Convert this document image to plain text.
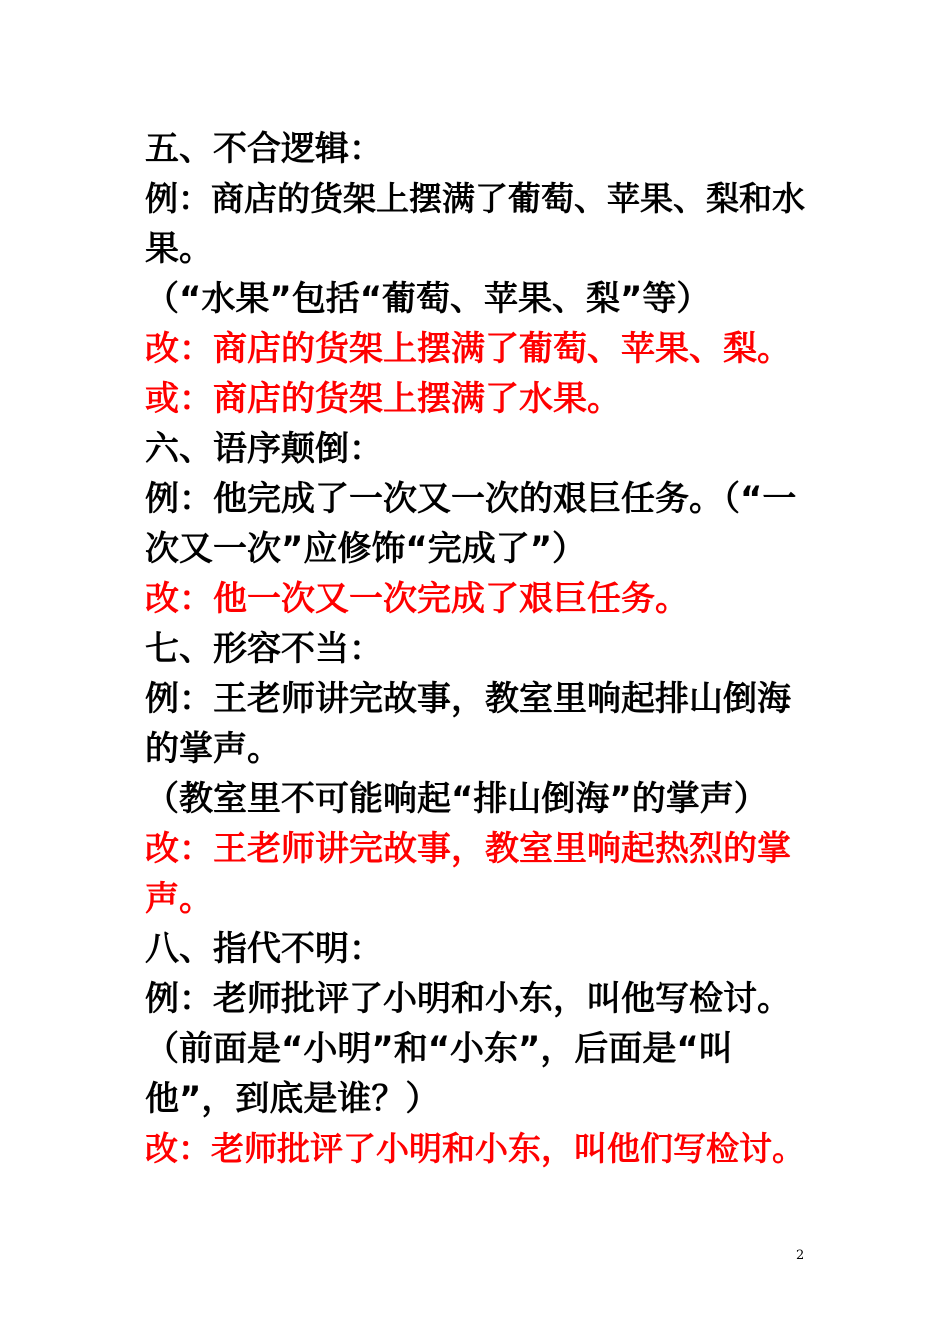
五、不合逻辑：
例：商店的货架上摆满了葡萄、苹果、梨和水
果。
（“水果”包括“葡萄、苹果、梨”等）
改：商店的货架上摆满了葡萄、苹果、梨。
或：商店的货架上摆满了水果。
六、语序颠倒：
例：他完成了一次又一次的艰巨任务。（“一
次又一次”应修饰“完成了”）
改：他一次又一次完成了艰巨任务。
七、形容不当：
例：王老师讲完故事，教室里响起排山倒海
的掌声。
（教室里不可能响起“排山倒海”的掌声）
改：王老师讲完故事，教室里响起热烈的掌
声。
八、指代不明：
例：老师批评了小明和小东，叫他写检讨。
（前面是“小明”和“小东”，后面是“叫
他”，到底是谁？）
改：老师批评了小明和小东，叫他们写检讨。
2
